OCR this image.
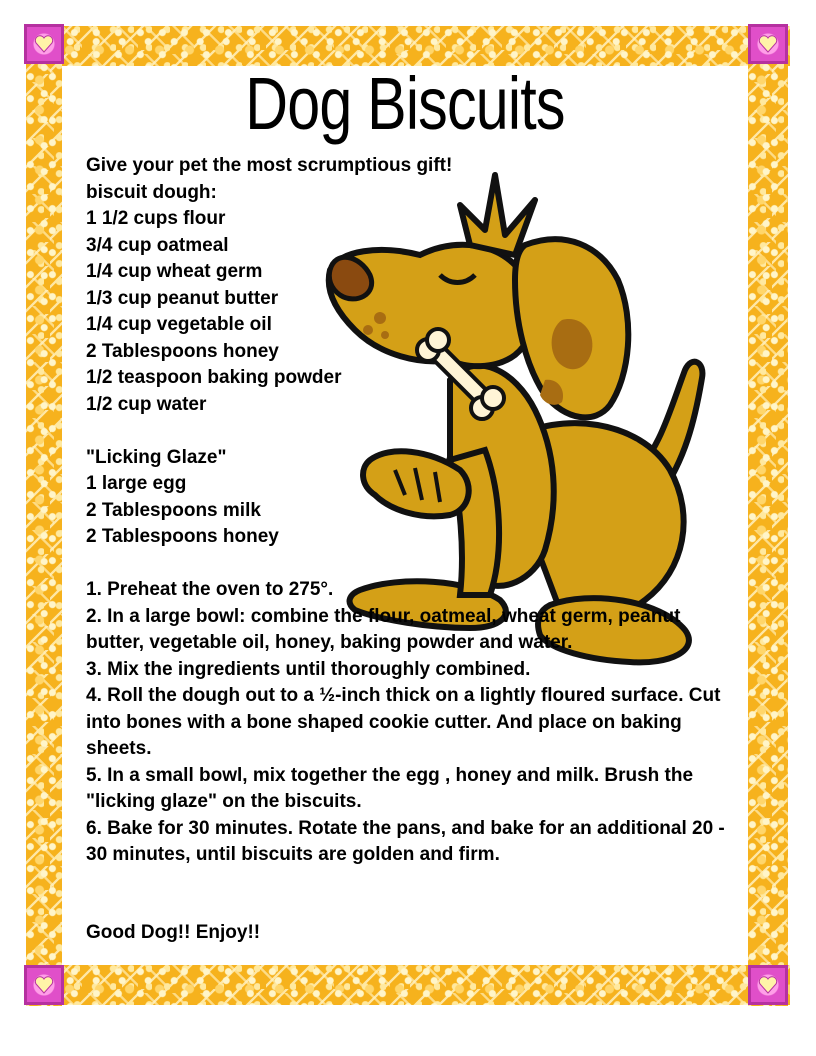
Dog Biscuits
Give your pet the most scrumptious gift!
biscuit dough:
1 1/2 cups flour
3/4 cup oatmeal
1/4 cup wheat germ
1/3 cup peanut butter
1/4 cup vegetable oil
2 Tablespoons honey
1/2 teaspoon baking powder
1/2 cup water
"Licking Glaze"
1 large egg
2 Tablespoons milk
2 Tablespoons honey
1. Preheat the oven to 275°.
2. In a large bowl: combine the flour, oatmeal, wheat germ, peanut butter, vegetable oil, honey, baking powder and water.
3. Mix the ingredients until thoroughly combined.
4. Roll the dough out to a ½-inch thick on a lightly floured surface. Cut into bones with a bone shaped cookie cutter. And place on baking sheets.
5. In a small bowl, mix together the egg , honey and milk. Brush the "licking glaze" on the biscuits.
6. Bake for 30 minutes. Rotate the pans, and bake for an additional 20 - 30 minutes, until biscuits are golden and firm.
Good Dog!! Enjoy!!
